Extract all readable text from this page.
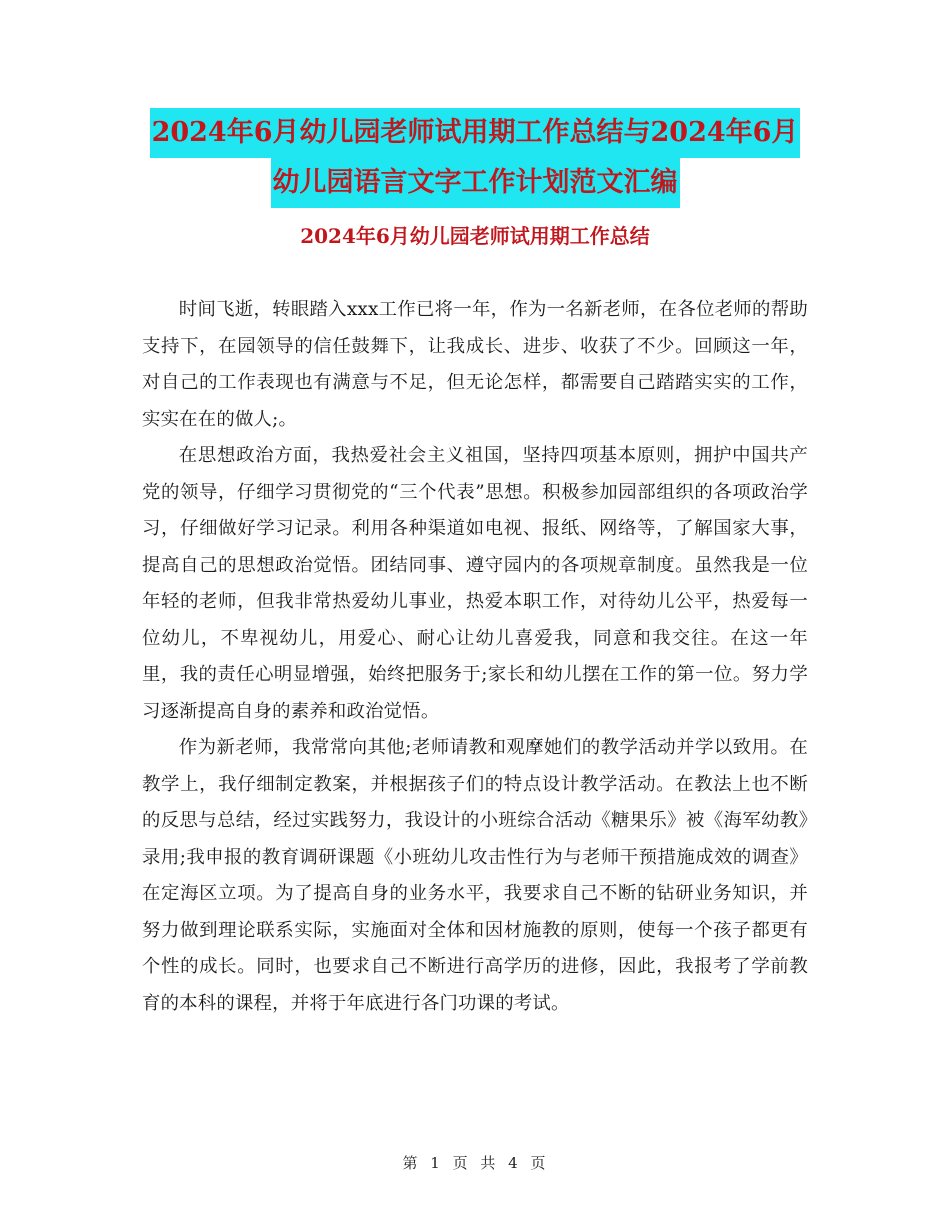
2024年6月幼儿园老师试用期工作总结与2024年6月
幼儿园语言文字工作计划范文汇编
2024年6月幼儿园老师试用期工作总结

时间飞逝，转眼踏入xxx工作已将一年，作为一名新老师，在各位老师的帮助支持下，在园领导的信任鼓舞下，让我成长、进步、收获了不少。回顾这一年，对自己的工作表现也有满意与不足，但无论怎样，都需要自己踏踏实实的工作，实实在在的做人;。

在思想政治方面，我热爱社会主义祖国，坚持四项基本原则，拥护中国共产党的领导，仔细学习贯彻党的“三个代表”思想。积极参加园部组织的各项政治学习，仔细做好学习记录。利用各种渠道如电视、报纸、网络等，了解国家大事，提高自己的思想政治觉悟。团结同事、遵守园内的各项规章制度。虽然我是一位年轻的老师，但我非常热爱幼儿事业，热爱本职工作，对待幼儿公平，热爱每一位幼儿，不卑视幼儿，用爱心、耐心让幼儿喜爱我，同意和我交往。在这一年里，我的责任心明显增强，始终把服务于;家长和幼儿摆在工作的第一位。努力学习逐渐提高自身的素养和政治觉悟。

作为新老师，我常常向其他;老师请教和观摩她们的教学活动并学以致用。在教学上，我仔细制定教案，并根据孩子们的特点设计教学活动。在教法上也不断的反思与总结，经过实践努力，我设计的小班综合活动《糖果乐》被《海军幼教》录用;我申报的教育调研课题《小班幼儿攻击性行为与老师干预措施成效的调查》在定海区立项。为了提高自身的业务水平，我要求自己不断的钻研业务知识，并努力做到理论联系实际，实施面对全体和因材施教的原则，使每一个孩子都更有个性的成长。同时，也要求自己不断进行高学历的进修，因此，我报考了学前教育的本科的课程，并将于年底进行各门功课的考试。

第 1 页 共 4 页
